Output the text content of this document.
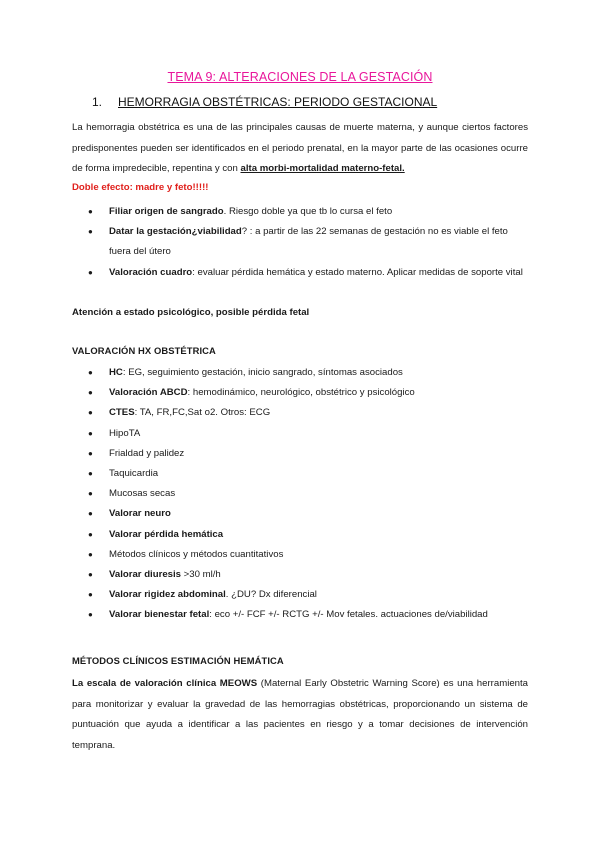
TEMA 9: ALTERACIONES DE LA GESTACIÓN
1. HEMORRAGIA OBSTÉTRICAS: PERIODO GESTACIONAL
La hemorragia obstétrica es una de las principales causas de muerte materna, y aunque ciertos factores predisponentes pueden ser identificados en el periodo prenatal, en la mayor parte de las ocasiones ocurre de forma impredecible, repentina y con alta morbi-mortalidad materno-fetal.
Doble efecto: madre y feto!!!!!
● Filiar origen de sangrado. Riesgo doble ya que tb lo cursa el feto
● Datar la gestación¿viabilidad? : a partir de las 22 semanas de gestación no es viable el feto fuera del útero
● Valoración cuadro: evaluar pérdida hemática y estado materno. Aplicar medidas de soporte vital
Atención a estado psicológico, posible pérdida fetal
VALORACIÓN HX OBSTÉTRICA
● HC: EG, seguimiento gestación, inicio sangrado, síntomas asociados
● Valoración ABCD: hemodinámico, neurológico, obstétrico y psicológico
● CTES: TA, FR,FC,Sat o2. Otros: ECG
● HipoTA
● Frialdad y palidez
● Taquicardia
● Mucosas secas
● Valorar neuro
● Valorar pérdida hemática
● Métodos clínicos y métodos cuantitativos
● Valorar diuresis >30 ml/h
● Valorar rigidez abdominal. ¿DU? Dx diferencial
● Valorar bienestar fetal: eco +/- FCF +/- RCTG +/- Mov fetales. actuaciones de/viabilidad
MÉTODOS CLÍNICOS ESTIMACIÓN HEMÁTICA
La escala de valoración clínica MEOWS (Maternal Early Obstetric Warning Score) es una herramienta para monitorizar y evaluar la gravedad de las hemorragias obstétricas, proporcionando un sistema de puntuación que ayuda a identificar a las pacientes en riesgo y a tomar decisiones de intervención temprana.
